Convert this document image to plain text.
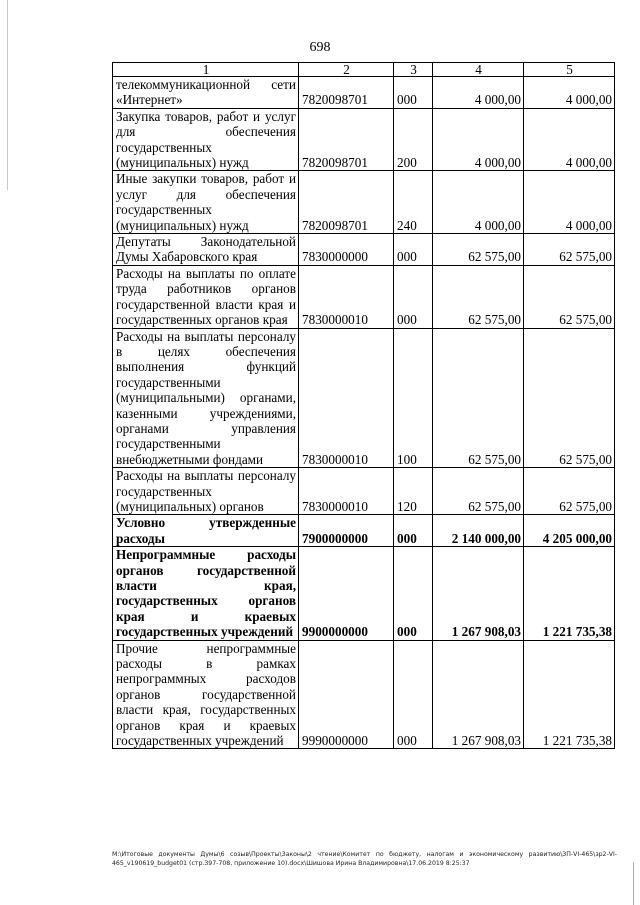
698
1	2	3	4	5
телекоммуникационной сети «Интернет»	7820098701	000	4 000,00	4 000,00
Закупка товаров, работ и услуг для обеспечения государственных (муниципальных) нужд	7820098701	200	4 000,00	4 000,00
Иные закупки товаров, работ и услуг для обеспечения государственных (муниципальных) нужд	7820098701	240	4 000,00	4 000,00
Депутаты Законодательной Думы Хабаровского края	7830000000	000	62 575,00	62 575,00
Расходы на выплаты по оплате труда работников органов государственной власти края и государственных органов края	7830000010	000	62 575,00	62 575,00
Расходы на выплаты персоналу в целях обеспечения выполнения функций государственными (муниципальными) органами, казенными учреждениями, органами управления государственными внебюджетными фондами	7830000010	100	62 575,00	62 575,00
Расходы на выплаты персоналу государственных (муниципальных) органов	7830000010	120	62 575,00	62 575,00
Условно утвержденные расходы	7900000000	000	2 140 000,00	4 205 000,00
Непрограммные расходы органов государственной власти края, государственных органов края и краевых государственных учреждений	9900000000	000	1 267 908,03	1 221 735,38
Прочие непрограммные расходы в рамках непрограммных расходов органов государственной власти края, государственных органов края и краевых государственных учреждений	9990000000	000	1 267 908,03	1 221 735,38
M:\Итоговые документы Думы\6 созыв\Проекты\Законы\2 чтение\Комитет по бюджету, налогам и экономическому развитию\ЗП-VI-465\зр2-VI-465_v190619_budget01 (стр.397-708, приложение 10).docx\Шишова Ирина Владимировна\17.06.2019 8:25:37
